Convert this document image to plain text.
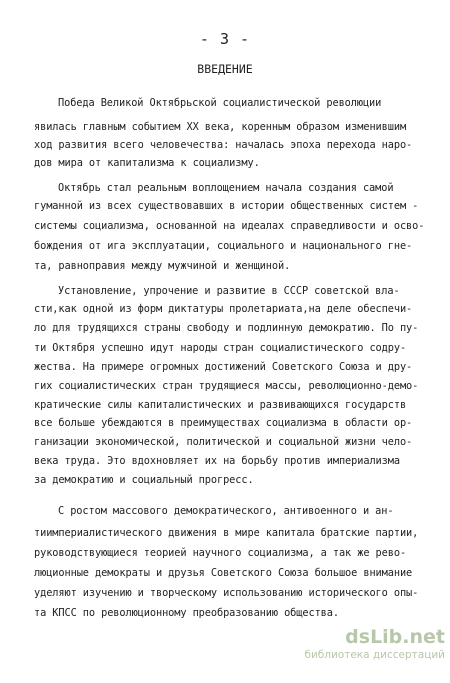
- 3 -
ВВЕДЕНИЕ
Победа Великой Октябрьской социалистической революции
явилась главным событием XX века, коренным образом изменившим
ход развития всего человечества: началась эпоха перехода наро-
дов мира от капитализма к социализму.
Октябрь стал реальным воплощением начала создания самой
гуманной из всех существовавших в истории общественных систем -
системы социализма, основанной на идеалах справедливости и осво-
бождения от ига эксплуатации, социального и национального гне-
та, равноправия между мужчиной и женщиной.
Установление, упрочение и развитие в СССР советской вла-
сти,как одной из форм диктатуры пролетариата,на деле обеспечи-
ло для трудящихся страны свободу и подлинную демократию. По пу-
ти Октября успешно идут народы стран социалистического содру-
жества. На примере огромных достижений Советского Союза и дру-
гих социалистических стран трудящиеся массы, революционно-демо-
кратические силы капиталистических и развивающихся государств
все больше убеждаются в преимуществах социализма в области ор-
ганизации экономической, политической и социальной жизни чело-
века труда. Это вдохновляет их на борьбу против империализма
за демократию и социальный прогресс.
С ростом массового демократического, антивоенного и ан-
тиимпериалистического движения в мире капитала братские партии,
руководствующиеся теорией научного социализма, а так же рево-
люционные демократы и друзья Советского Союза большое внимание
уделяют изучению и творческому использованию исторического опы-
та КПСС по революционному преобразованию общества.
dsLib.net
библиотека диссертаций
